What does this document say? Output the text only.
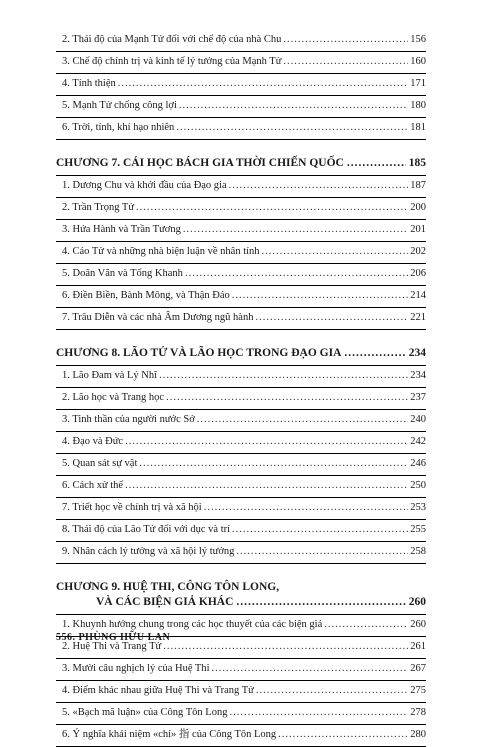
2. Thái độ của Mạnh Tử đối với chế độ của nhà Chu .....	156
3. Chế độ chính trị và kinh tế lý tưởng của Mạnh Tử .....	160
4. Tính thiện .....	171
5. Mạnh Tử chống công lợi .....	180
6. Trời, tính, khí hạo nhiên .....	181
CHƯƠNG 7. CÁI HỌC BÁCH GIA THỜI CHIẾN QUỐC .....	185
1. Dương Chu và khởi đầu của Đạo gia .....	187
2. Trần Trọng Tử .....	200
3. Hứa Hành và Trần Tương .....	201
4. Cáo Tử và những nhà biện luận về nhân tính .....	202
5. Doãn Văn và Tống Khanh .....	206
6. Điền Biền, Bành Mông, và Thận Đáo .....	214
7. Trâu Diễn và các nhà Âm Dương ngũ hành .....	221
CHƯƠNG 8. LÃO TỬ VÀ LÃO HỌC TRONG ĐẠO GIA .....	234
1. Lão Đam và Lý Nhĩ .....	234
2. Lão học và Trang học .....	237
3. Tinh thần của người nước Sở .....	240
4. Đạo và Đức .....	242
5. Quan sát sự vật .....	246
6. Cách xử thế .....	250
7. Triết học về chính trị và xã hội .....	253
8. Thái độ của Lão Tử đối với dục và trí .....	255
9. Nhân cách lý tưởng và xã hội lý tưởng .....	258
CHƯƠNG 9. HUỆ THI, CÔNG TÔN LONG,
VÀ CÁC BIỆN GIẢ KHÁC .....	260
1. Khuynh hướng chung trong các học thuyết của các biện giả .....	260
2. Huệ Thi và Trang Tử .....	261
3. Mười câu nghịch lý của Huệ Thi .....	267
4. Điểm khác nhau giữa Huệ Thi và Trang Tử .....	275
5. «Bạch mã luận» của Công Tôn Long .....	278
6. Ý nghĩa khái niệm «chỉ» 指 của Công Tôn Long .....	280
556. PHÙNG HỮU LAN
